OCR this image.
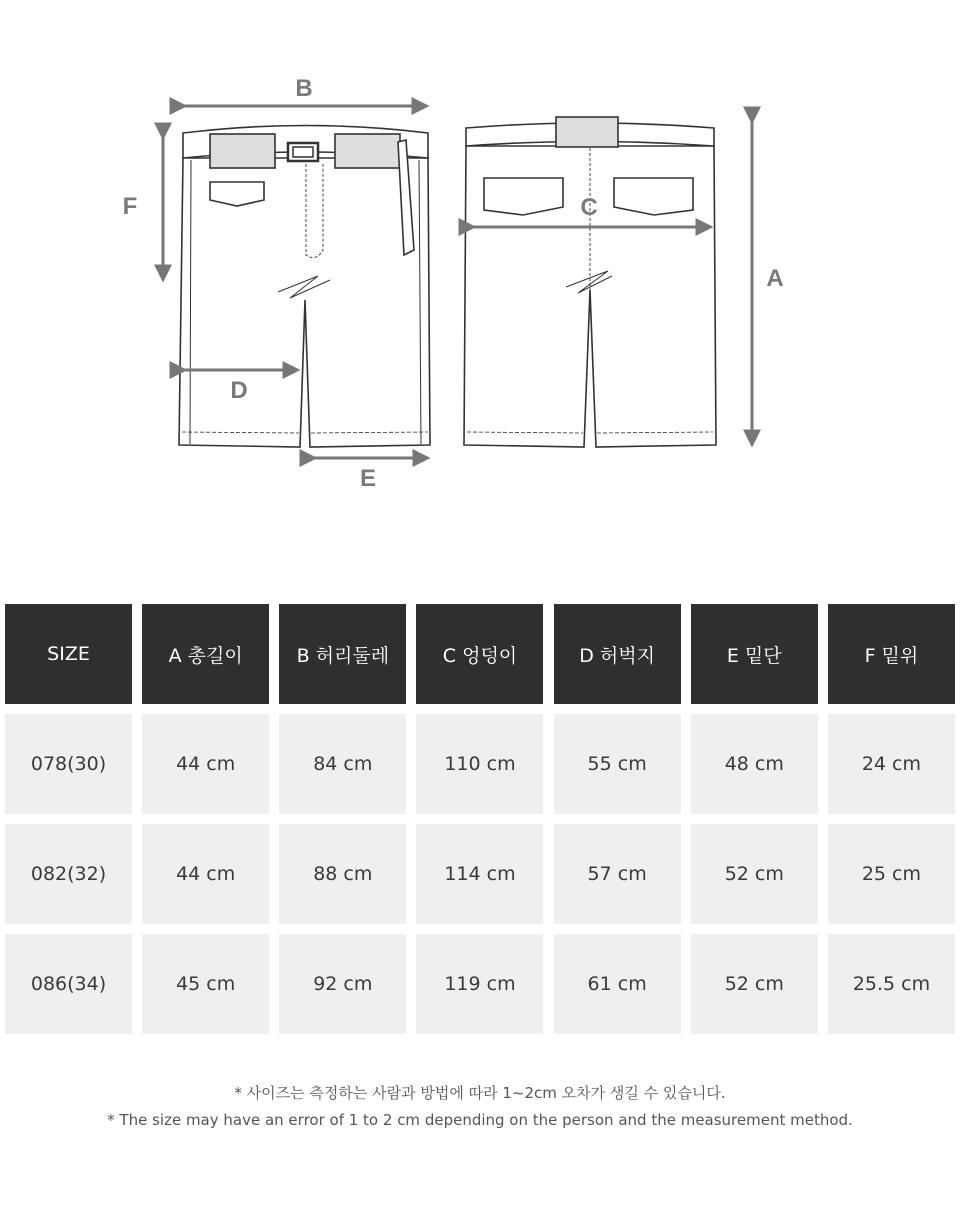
B
F	C
A
D
E
SIZE	A 총길이	B 허리둘레	C 엉덩이	D 허벅지	E 밑단	F 밑위
078(30)	44 cm	84 cm	110 cm	55 cm	48 cm	24 cm
082(32)	44 cm	88 cm	114 cm	57 cm	52 cm	25 cm
086(34)	45 cm	92 cm	119 cm	61 cm	52 cm	25.5 cm
* 사이즈는 측정하는 사람과 방법에 따라 1~2cm 오차가 생길 수 있습니다.
* The size may have an error of 1 to 2 cm depending on the person and the measurement method.
